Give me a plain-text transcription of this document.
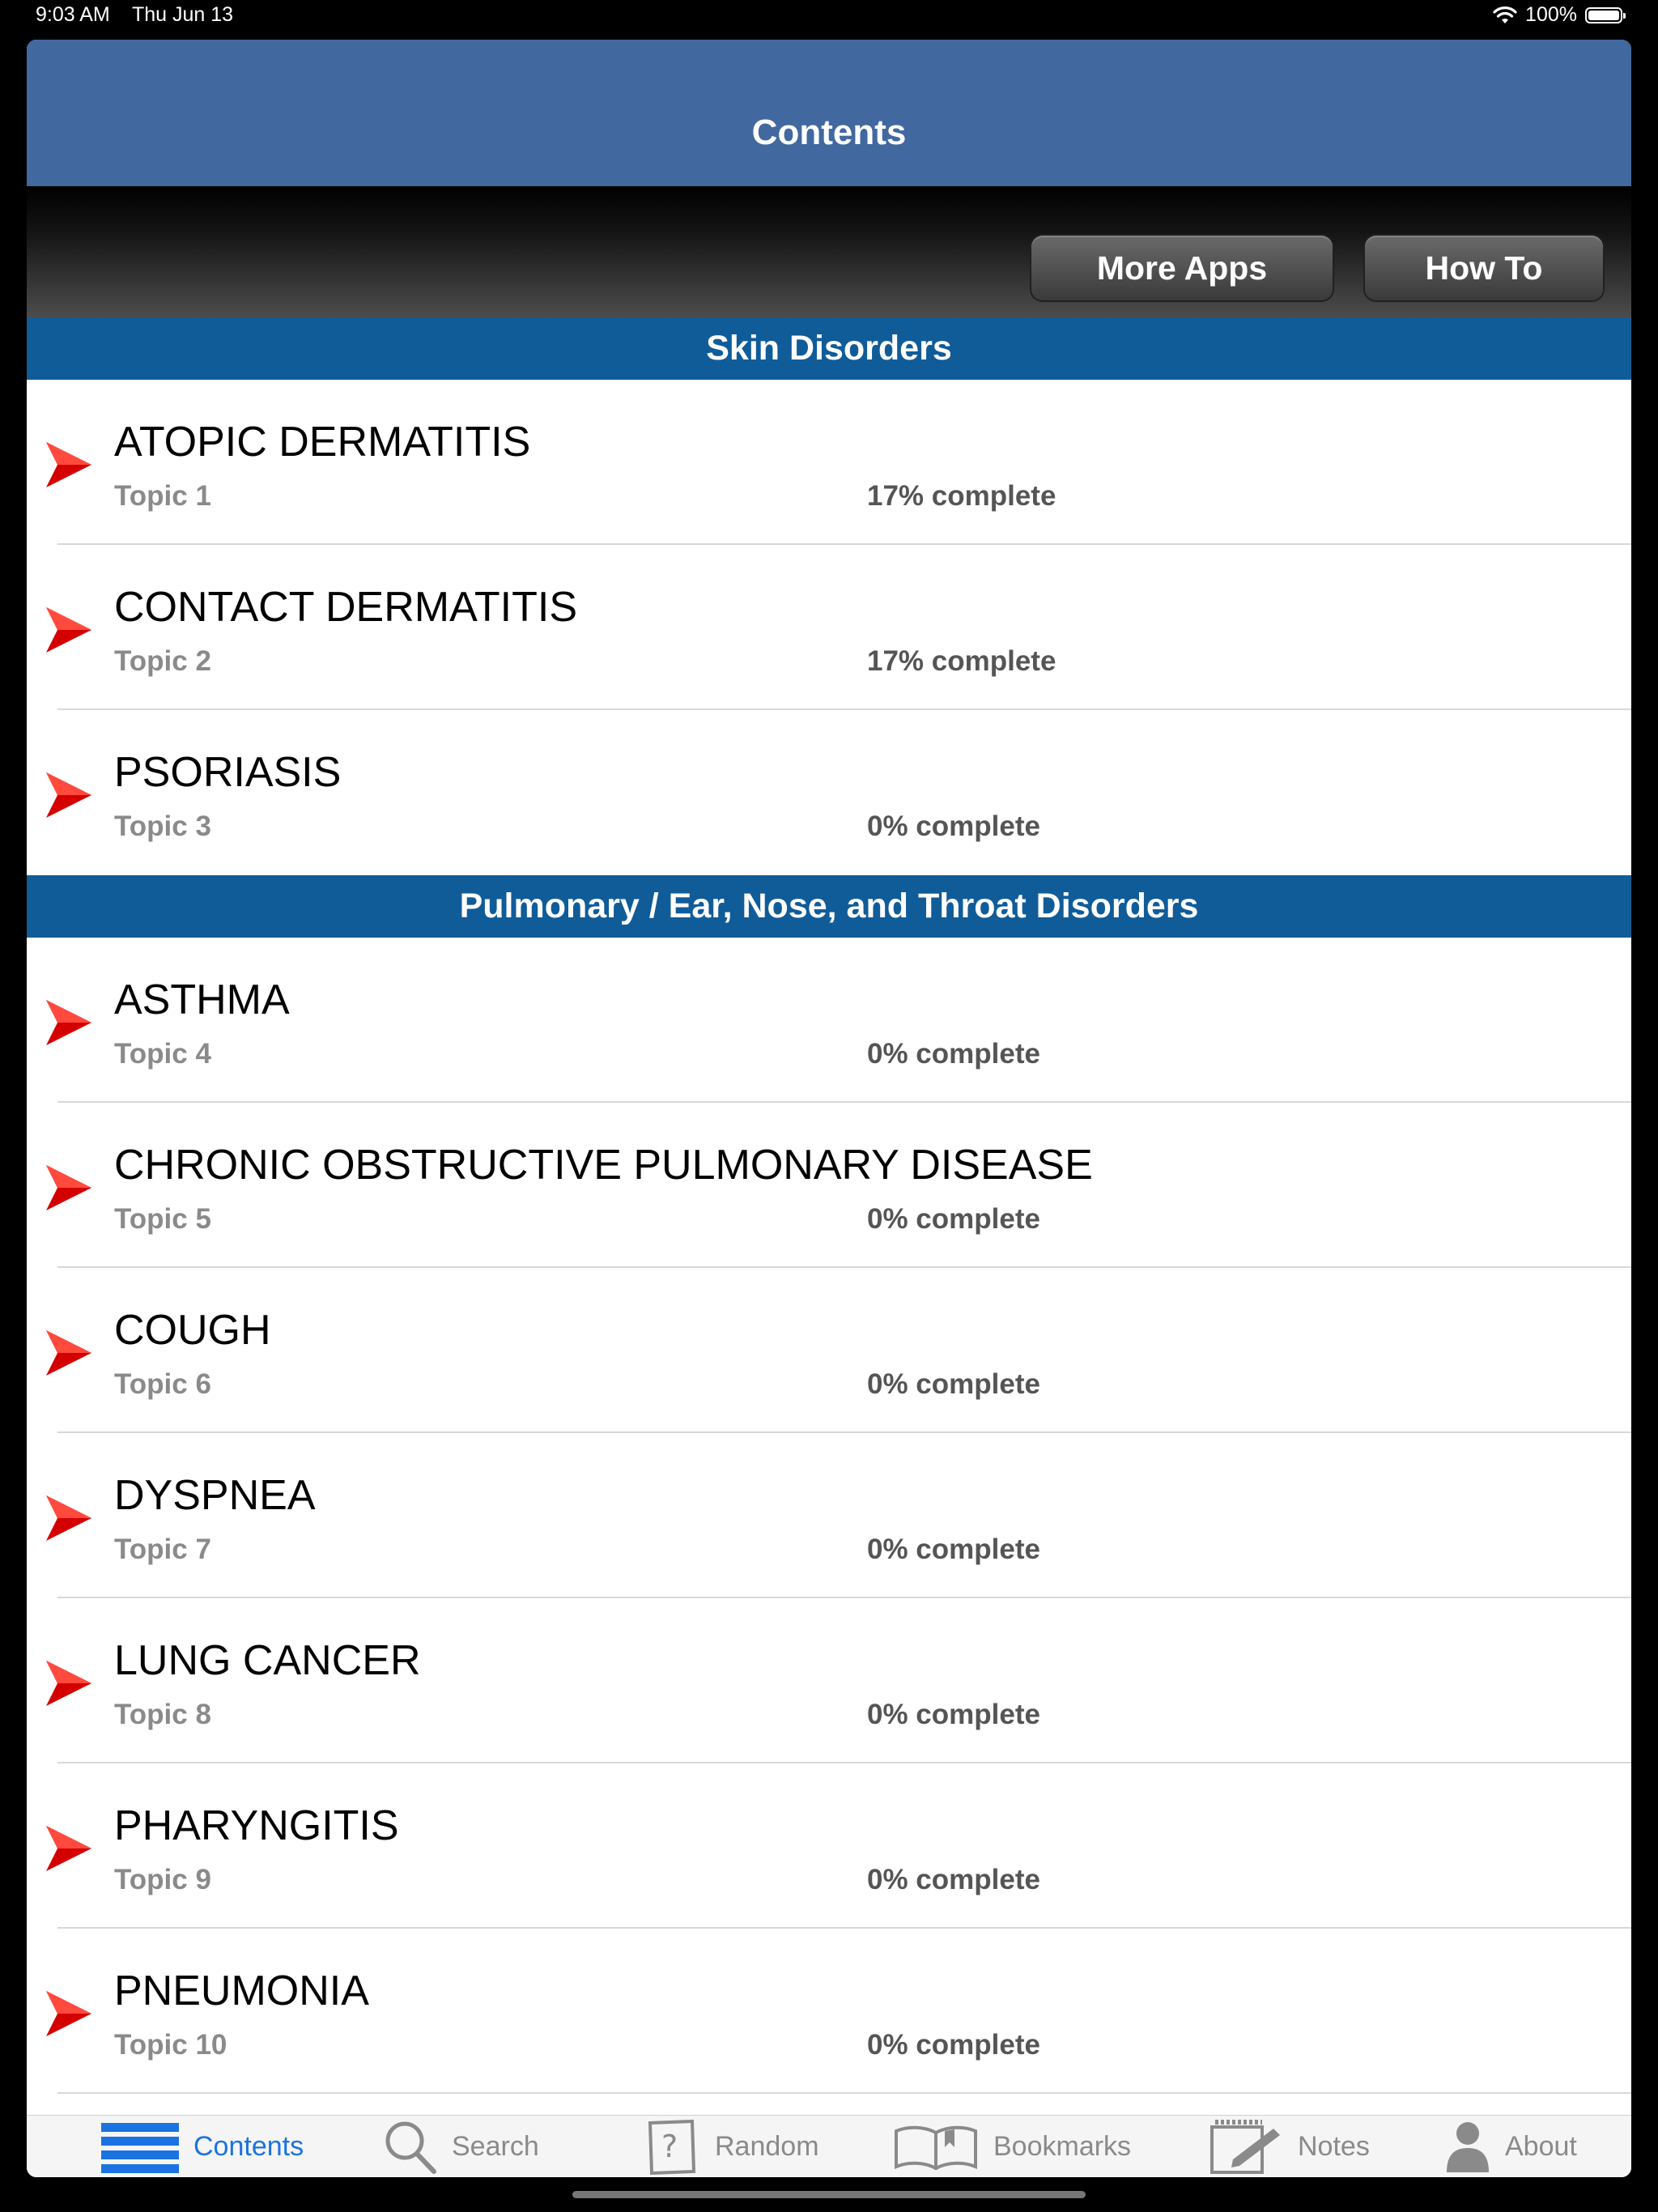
9:03 AM Thu Jun 13	100%
Contents
More Apps	How To
Skin Disorders
ATOPIC DERMATITIS
Topic 1	17% complete
CONTACT DERMATITIS
Topic 2	17% complete
PSORIASIS
Topic 3	0% complete
Pulmonary / Ear, Nose, and Throat Disorders
ASTHMA
Topic 4	0% complete
CHRONIC OBSTRUCTIVE PULMONARY DISEASE
Topic 5	0% complete
COUGH
Topic 6	0% complete
DYSPNEA
Topic 7	0% complete
LUNG CANCER
Topic 8	0% complete
PHARYNGITIS
Topic 9	0% complete
PNEUMONIA
Topic 10	0% complete
Contents	Search	? Random	Bookmarks	Notes	About
